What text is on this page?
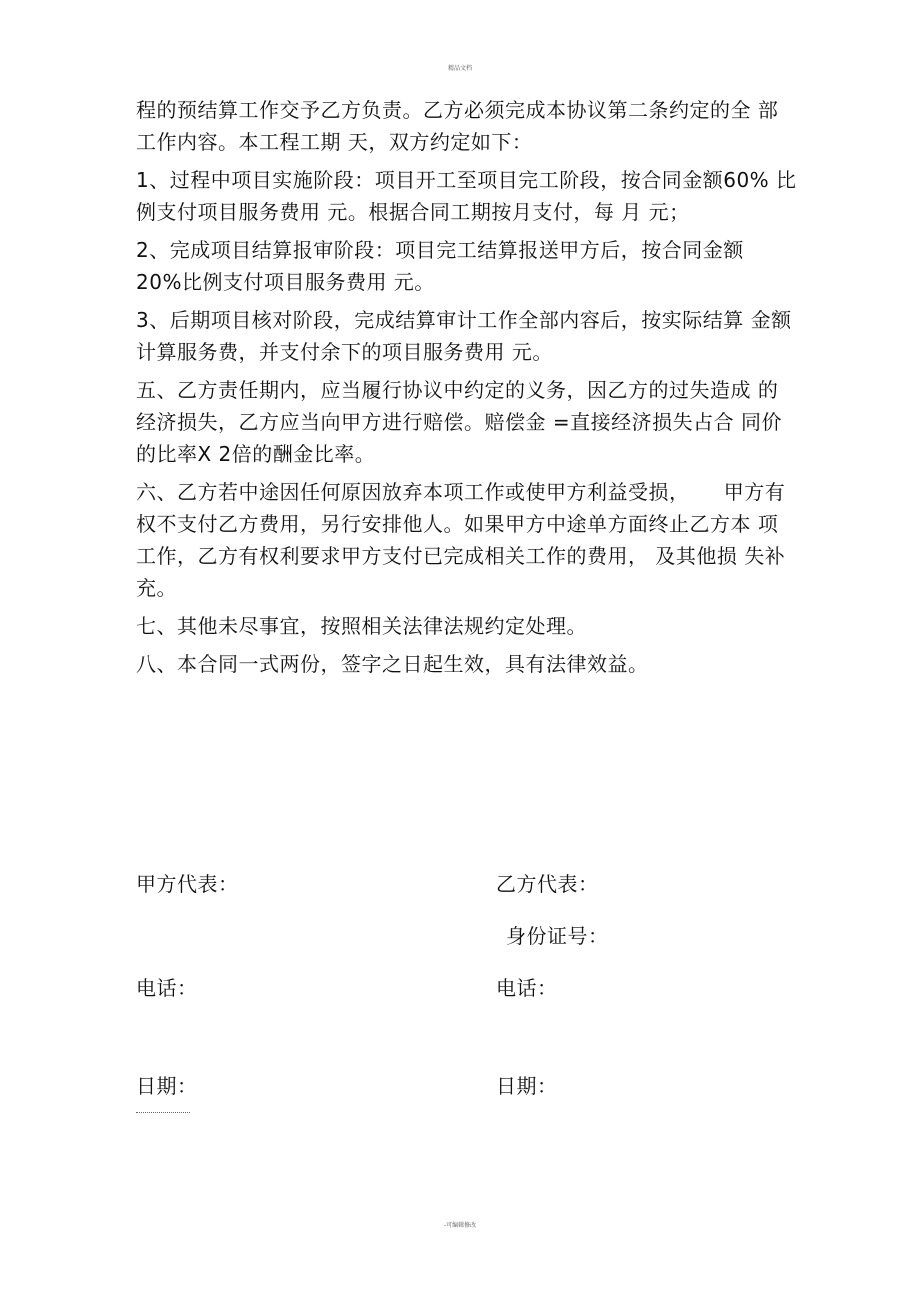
精品文档
程的预结算工作交予乙方负责。乙方必须完成本协议第二条约定的全 部
工作内容。本工程工期 天，双方约定如下：
1、过程中项目实施阶段：项目开工至项目完工阶段，按合同金额60% 比
例支付项目服务费用 元。根据合同工期按月支付，每 月 元；
2、完成项目结算报审阶段：项目完工结算报送甲方后，按合同金额
20%比例支付项目服务费用 元。
3、后期项目核对阶段，完成结算审计工作全部内容后，按实际结算 金额
计算服务费，并支付余下的项目服务费用 元。
五、乙方责任期内，应当履行协议中约定的义务，因乙方的过失造成 的
经济损失，乙方应当向甲方进行赔偿。赔偿金 =直接经济损失占合 同价
的比率X 2倍的酬金比率。
六、乙方若中途因任何原因放弃本项工作或使甲方利益受损，     甲方有
权不支付乙方费用，另行安排他人。如果甲方中途单方面终止乙方本 项
工作，乙方有权利要求甲方支付已完成相关工作的费用， 及其他损 失补
充。
七、其他未尽事宜，按照相关法律法规约定处理。
八、本合同一式两份，签字之日起生效，具有法律效益。
甲方代表：	乙方代表：
身份证号：
电话：	电话：
日期：	日期：
-可编辑修改
